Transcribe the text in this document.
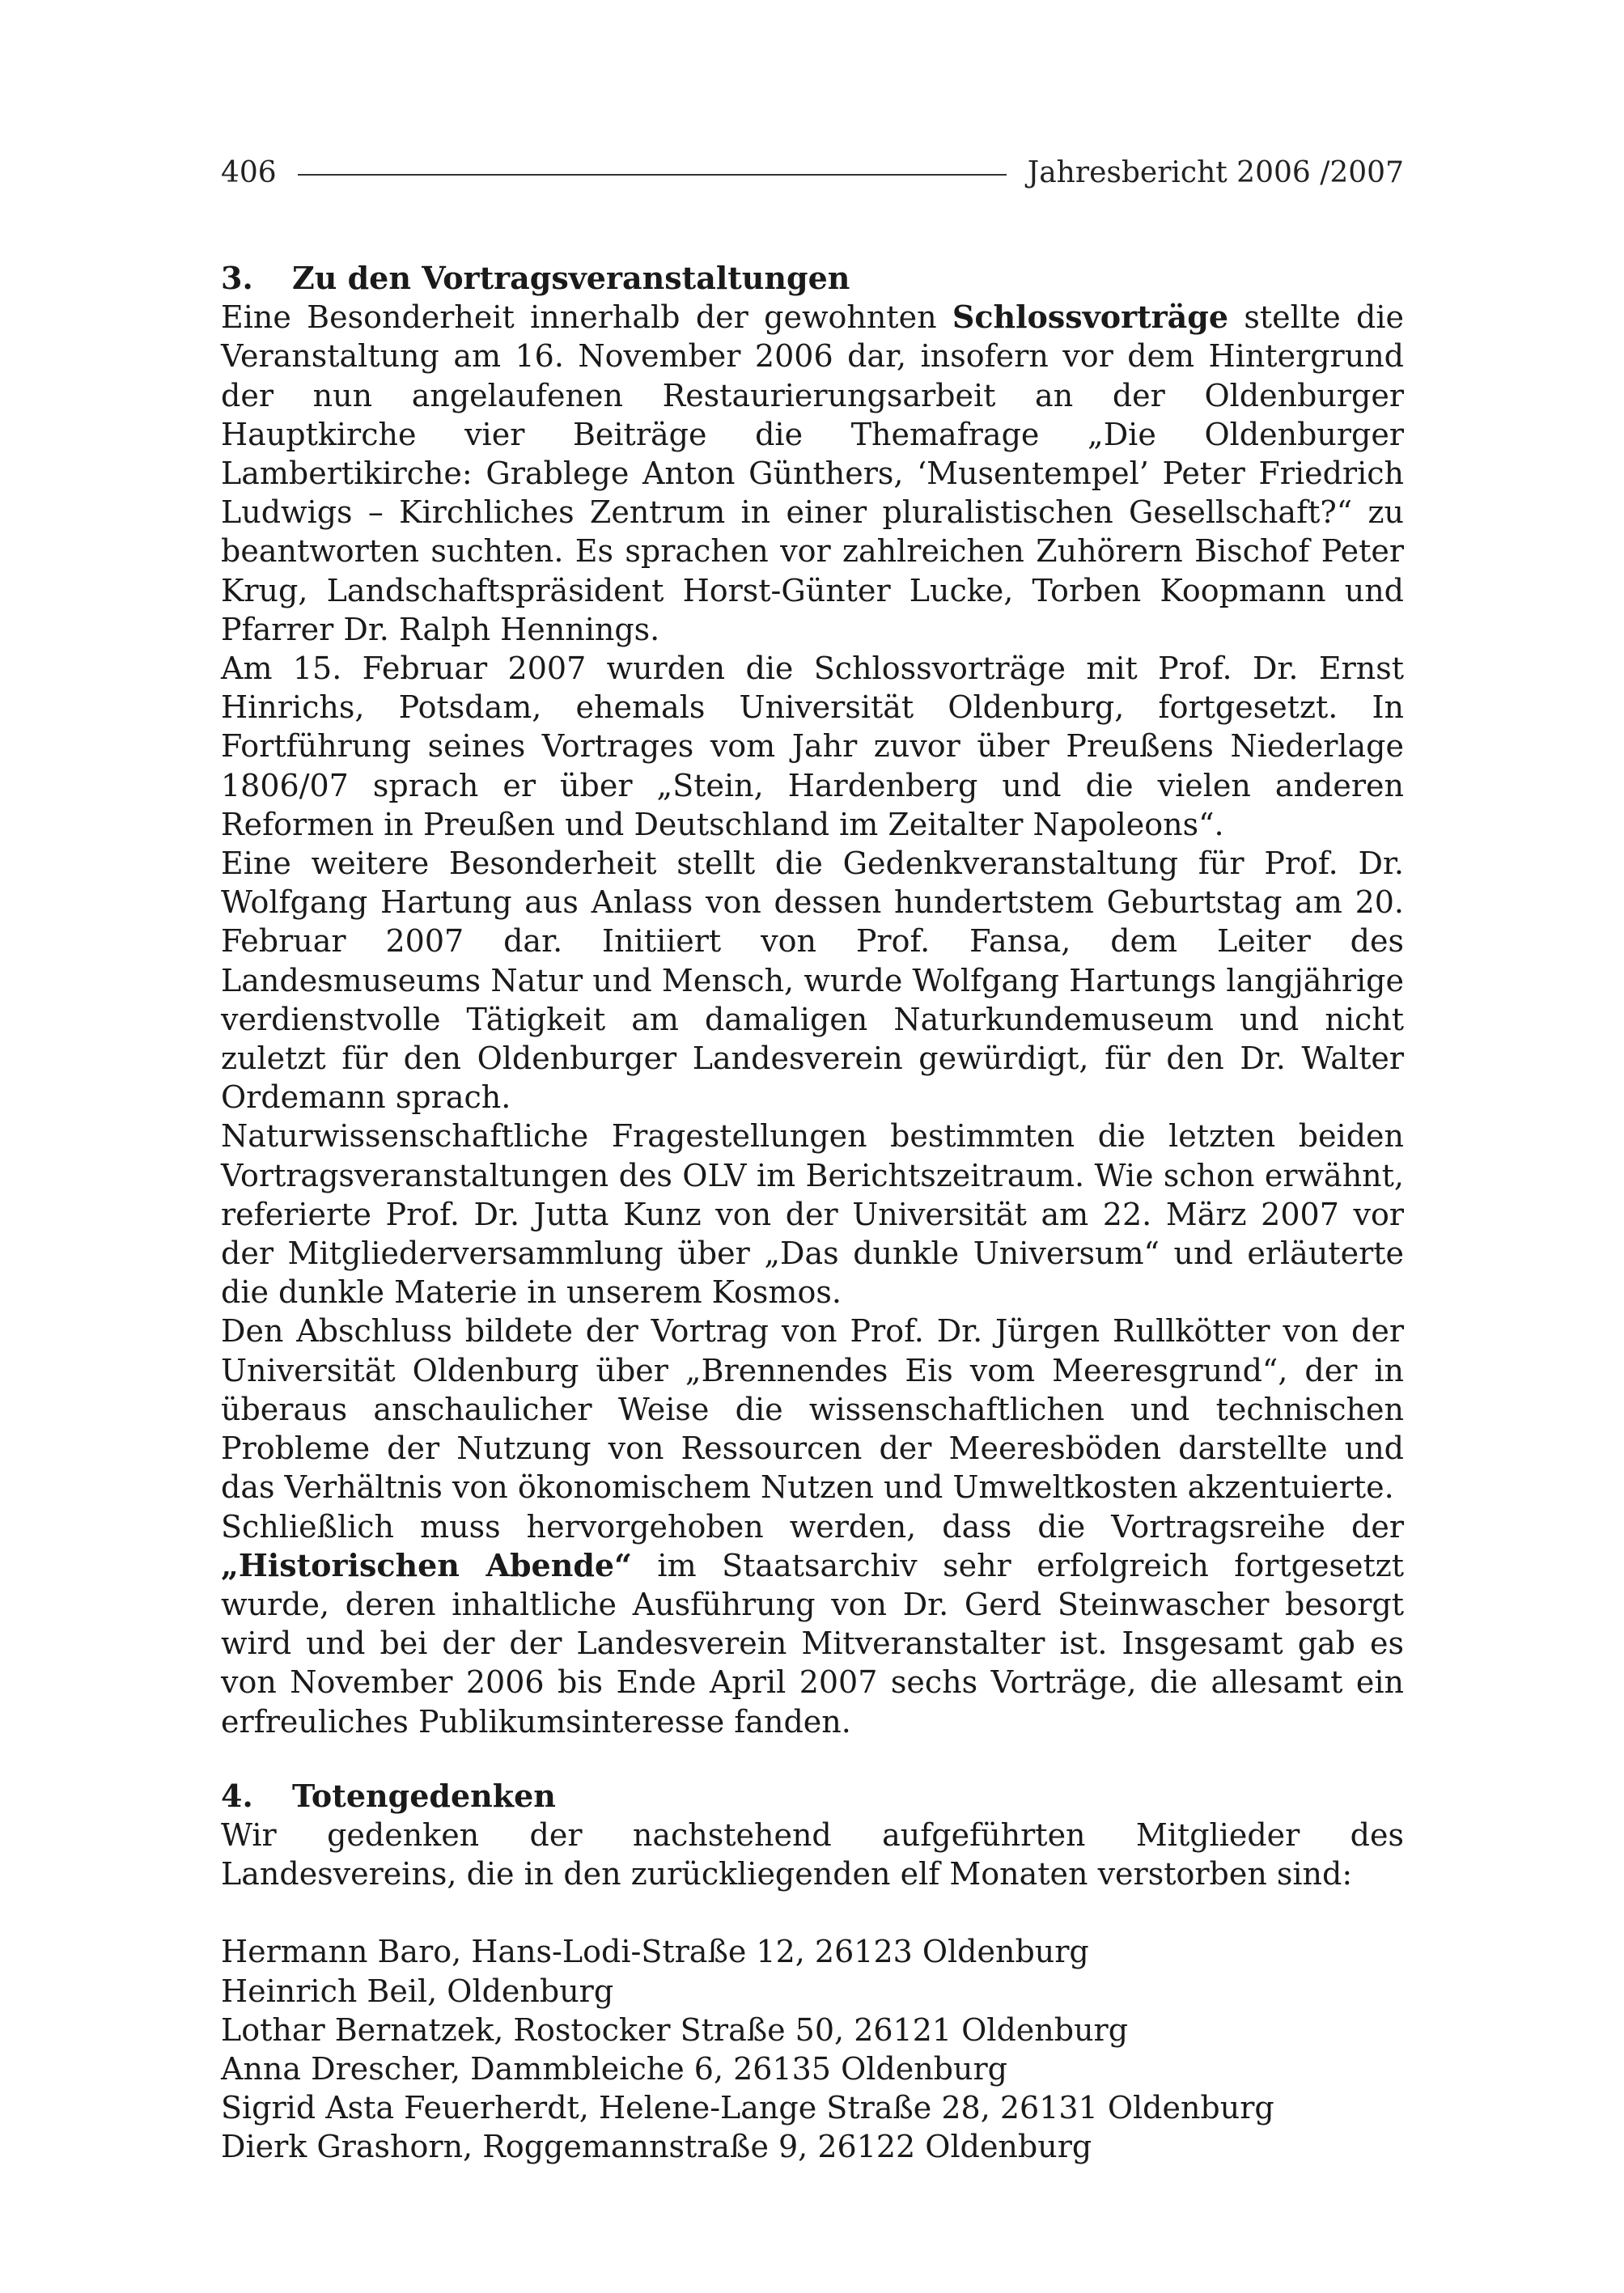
406	Jahresbericht 2006 /2007
3. Zu den Vortragsveranstaltungen

Eine Besonderheit innerhalb der gewohnten Schlossvorträge stellte die Veranstaltung am 16. November 2006 dar, insofern vor dem Hintergrund der nun angelaufenen Restaurierungsarbeit an der Oldenburger Hauptkirche vier Beiträge die Themafrage „Die Oldenburger Lambertikirche: Grablege Anton Günthers, ‘Musentempel’ Peter Friedrich Ludwigs – Kirchliches Zentrum in einer pluralistischen Gesellschaft?“ zu beantworten suchten. Es sprachen vor zahlreichen Zuhörern Bischof Peter Krug, Landschaftspräsident Horst-Günter Lucke, Torben Koopmann und Pfarrer Dr. Ralph Hennings.

Am 15. Februar 2007 wurden die Schlossvorträge mit Prof. Dr. Ernst Hinrichs, Potsdam, ehemals Universität Oldenburg, fortgesetzt. In Fortführung seines Vortrages vom Jahr zuvor über Preußens Niederlage 1806/07 sprach er über „Stein, Hardenberg und die vielen anderen Reformen in Preußen und Deutschland im Zeitalter Napoleons“.

Eine weitere Besonderheit stellt die Gedenkveranstaltung für Prof. Dr. Wolfgang Hartung aus Anlass von dessen hundertstem Geburtstag am 20. Februar 2007 dar. Initiiert von Prof. Fansa, dem Leiter des Landesmuseums Natur und Mensch, wurde Wolfgang Hartungs langjährige verdienstvolle Tätigkeit am damaligen Naturkundemuseum und nicht zuletzt für den Oldenburger Landesverein gewürdigt, für den Dr. Walter Ordemann sprach.

Naturwissenschaftliche Fragestellungen bestimmten die letzten beiden Vortragsveranstaltungen des OLV im Berichtszeitraum. Wie schon erwähnt, referierte Prof. Dr. Jutta Kunz von der Universität am 22. März 2007 vor der Mitgliederversammlung über „Das dunkle Universum“ und erläuterte die dunkle Materie in unserem Kosmos.

Den Abschluss bildete der Vortrag von Prof. Dr. Jürgen Rullkötter von der Universität Oldenburg über „Brennendes Eis vom Meeresgrund“, der in überaus anschaulicher Weise die wissenschaftlichen und technischen Probleme der Nutzung von Ressourcen der Meeresböden darstellte und das Verhältnis von ökonomischem Nutzen und Umweltkosten akzentuierte.

Schließlich muss hervorgehoben werden, dass die Vortragsreihe der „Historischen Abende“ im Staatsarchiv sehr erfolgreich fortgesetzt wurde, deren inhaltliche Ausführung von Dr. Gerd Steinwascher besorgt wird und bei der der Landesverein Mitveranstalter ist. Insgesamt gab es von November 2006 bis Ende April 2007 sechs Vorträge, die allesamt ein erfreuliches Publikumsinteresse fanden.

4. Totengedenken

Wir gedenken der nachstehend aufgeführten Mitglieder des Landesvereins, die in den zurückliegenden elf Monaten verstorben sind:

Hermann Baro, Hans-Lodi-Straße 12, 26123 Oldenburg
Heinrich Beil, Oldenburg
Lothar Bernatzek, Rostocker Straße 50, 26121 Oldenburg
Anna Drescher, Dammbleiche 6, 26135 Oldenburg
Sigrid Asta Feuerherdt, Helene-Lange Straße 28, 26131 Oldenburg
Dierk Grashorn, Roggemannstraße 9, 26122 Oldenburg
